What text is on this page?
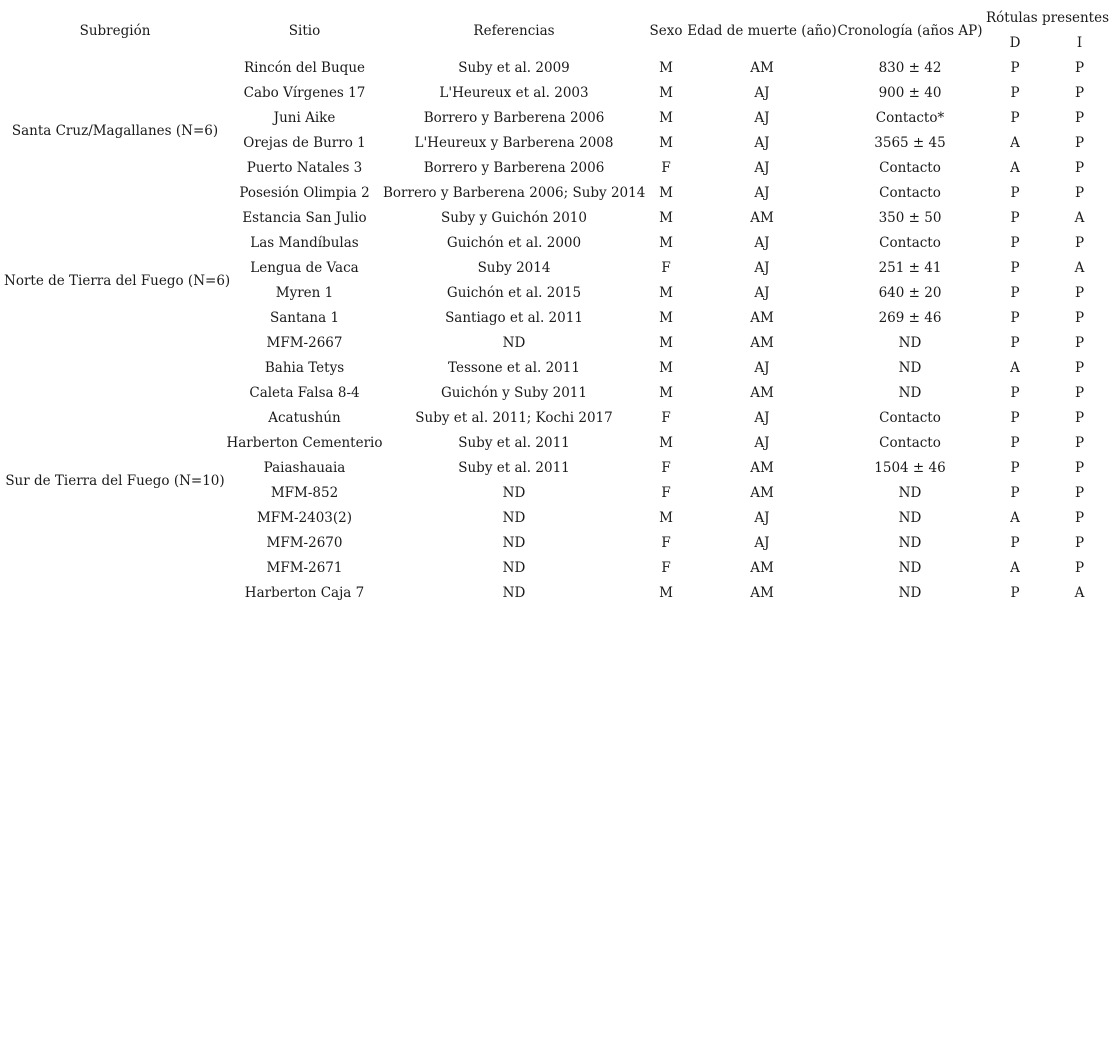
Subregión	Sitio	Referencias	Sexo	Edad de muerte (año)	Cronología (años AP)	Rótulas presentes	
						D	I
Santa Cruz/Magallanes (N=6)	Rincón del Buque	Suby et al. 2009	M	AM	830 ± 42	P	P
	Cabo Vírgenes 17	L'Heureux et al. 2003	M	AJ	900 ± 40	P	P
	Juni Aike	Borrero y Barberena 2006	M	AJ	Contacto*	P	P
	Orejas de Burro 1	L'Heureux y Barberena 2008	M	AJ	3565 ± 45	A	P
	Puerto Natales 3	Borrero y Barberena 2006	F	AJ	Contacto	A	P
	Posesión Olimpia 2	Borrero y Barberena 2006; Suby 2014	M	AJ	Contacto	P	P
Norte de Tierra del Fuego (N=6)	Estancia San Julio	Suby y Guichón 2010	M	AM	350 ± 50	P	A
	Las Mandíbulas	Guichón et al. 2000	M	AJ	Contacto	P	P
	Lengua de Vaca	Suby 2014	F	AJ	251 ± 41	P	A
	Myren 1	Guichón et al. 2015	M	AJ	640 ± 20	P	P
	Santana 1	Santiago et al. 2011	M	AM	269 ± 46	P	P
	MFM-2667	ND	M	AM	ND	P	P
Sur de Tierra del Fuego (N=10)	Bahia Tetys	Tessone et al. 2011	M	AJ	ND	A	P
	Caleta Falsa 8-4	Guichón y Suby 2011	M	AM	ND	P	P
	Acatushún	Suby et al. 2011; Kochi 2017	F	AJ	Contacto	P	P
	Harberton Cementerio	Suby et al. 2011	M	AJ	Contacto	P	P
	Paiashauaia	Suby et al. 2011	F	AM	1504 ± 46	P	P
	MFM-852	ND	F	AM	ND	P	P
	MFM-2403(2)	ND	M	AJ	ND	A	P
	MFM-2670	ND	F	AJ	ND	P	P
	MFM-2671	ND	F	AM	ND	A	P
	Harberton Caja 7	ND	M	AM	ND	P	A
